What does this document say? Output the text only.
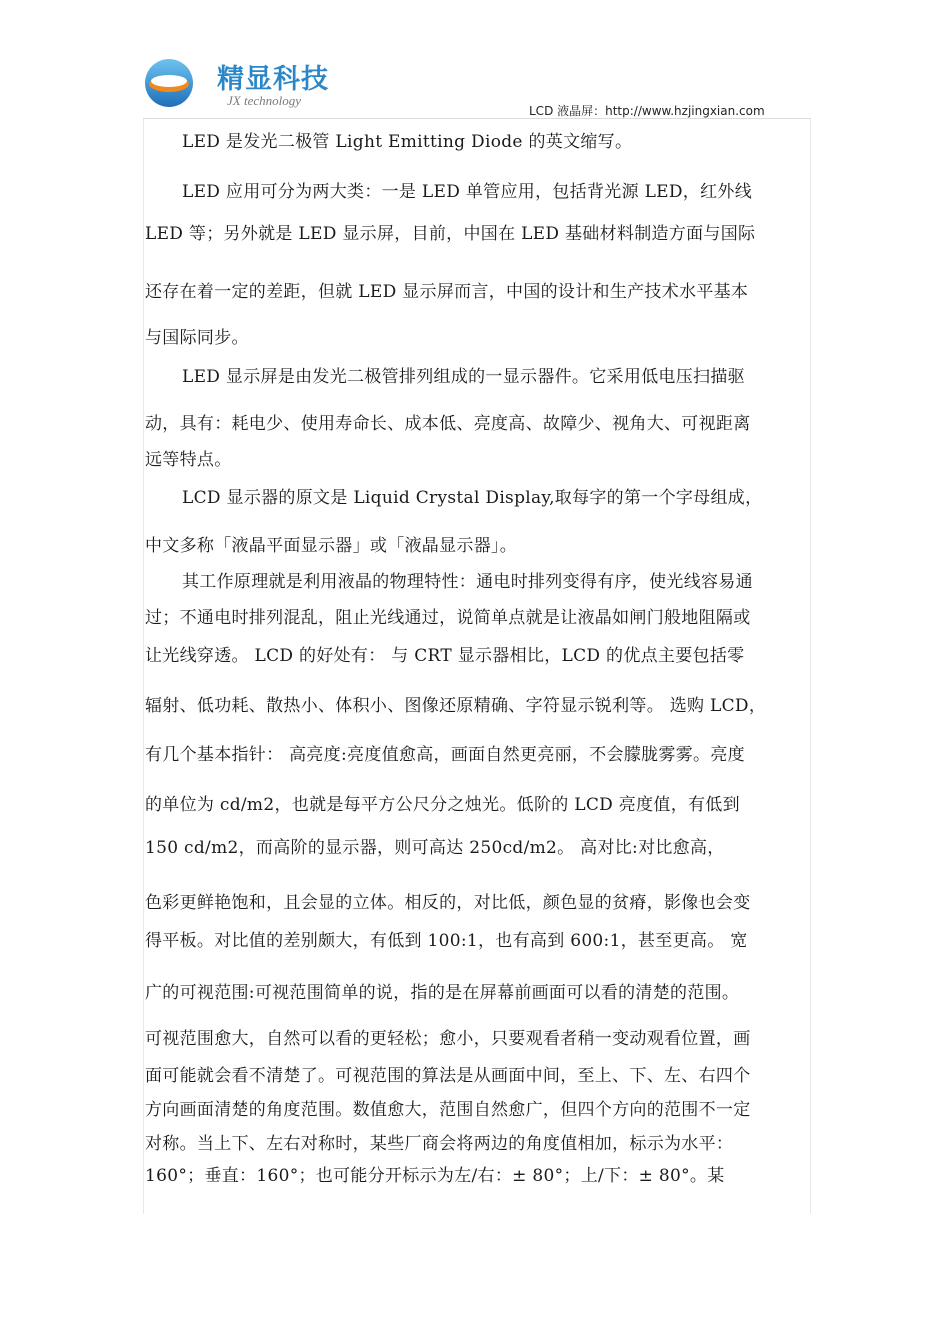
精显科技
JX technology
LCD 液晶屏：http://www.hzjingxian.com
LED 是发光二极管 Light Emitting Diode 的英文缩写。
LED 应用可分为两大类：一是 LED 单管应用，包括背光源 LED，红外线
LED 等；另外就是 LED 显示屏，目前，中国在 LED 基础材料制造方面与国际
还存在着一定的差距，但就 LED 显示屏而言，中国的设计和生产技术水平基本
与国际同步。
LED 显示屏是由发光二极管排列组成的一显示器件。它采用低电压扫描驱
动，具有：耗电少、使用寿命长、成本低、亮度高、故障少、视角大、可视距离
远等特点。
LCD 显示器的原文是 Liquid Crystal Display,取每字的第一个字母组成，
中文多称「液晶平面显示器」或「液晶显示器」。
其工作原理就是利用液晶的物理特性：通电时排列变得有序，使光线容易通
过；不通电时排列混乱，阻止光线通过，说简单点就是让液晶如闸门般地阻隔或
让光线穿透。 LCD 的好处有： 与 CRT 显示器相比，LCD 的优点主要包括零
辐射、低功耗、散热小、体积小、图像还原精确、字符显示锐利等。 选购 LCD，
有几个基本指针： 高亮度:亮度值愈高，画面自然更亮丽，不会朦胧雾雾。亮度
的单位为 cd/m2，也就是每平方公尺分之烛光。低阶的 LCD 亮度值，有低到
150 cd/m2，而高阶的显示器，则可高达 250cd/m2。 高对比:对比愈高，
色彩更鲜艳饱和，且会显的立体。相反的，对比低，颜色显的贫瘠，影像也会变
得平板。对比值的差别颇大，有低到 100:1，也有高到 600:1，甚至更高。 宽
广的可视范围:可视范围简单的说，指的是在屏幕前画面可以看的清楚的范围。
可视范围愈大，自然可以看的更轻松；愈小，只要观看者稍一变动观看位置，画
面可能就会看不清楚了。可视范围的算法是从画面中间，至上、下、左、右四个
方向画面清楚的角度范围。数值愈大，范围自然愈广，但四个方向的范围不一定
对称。当上下、左右对称时，某些厂商会将两边的角度值相加，标示为水平：
160°；垂直：160°；也可能分开标示为左/右：± 80°；上/下：± 80°。某
